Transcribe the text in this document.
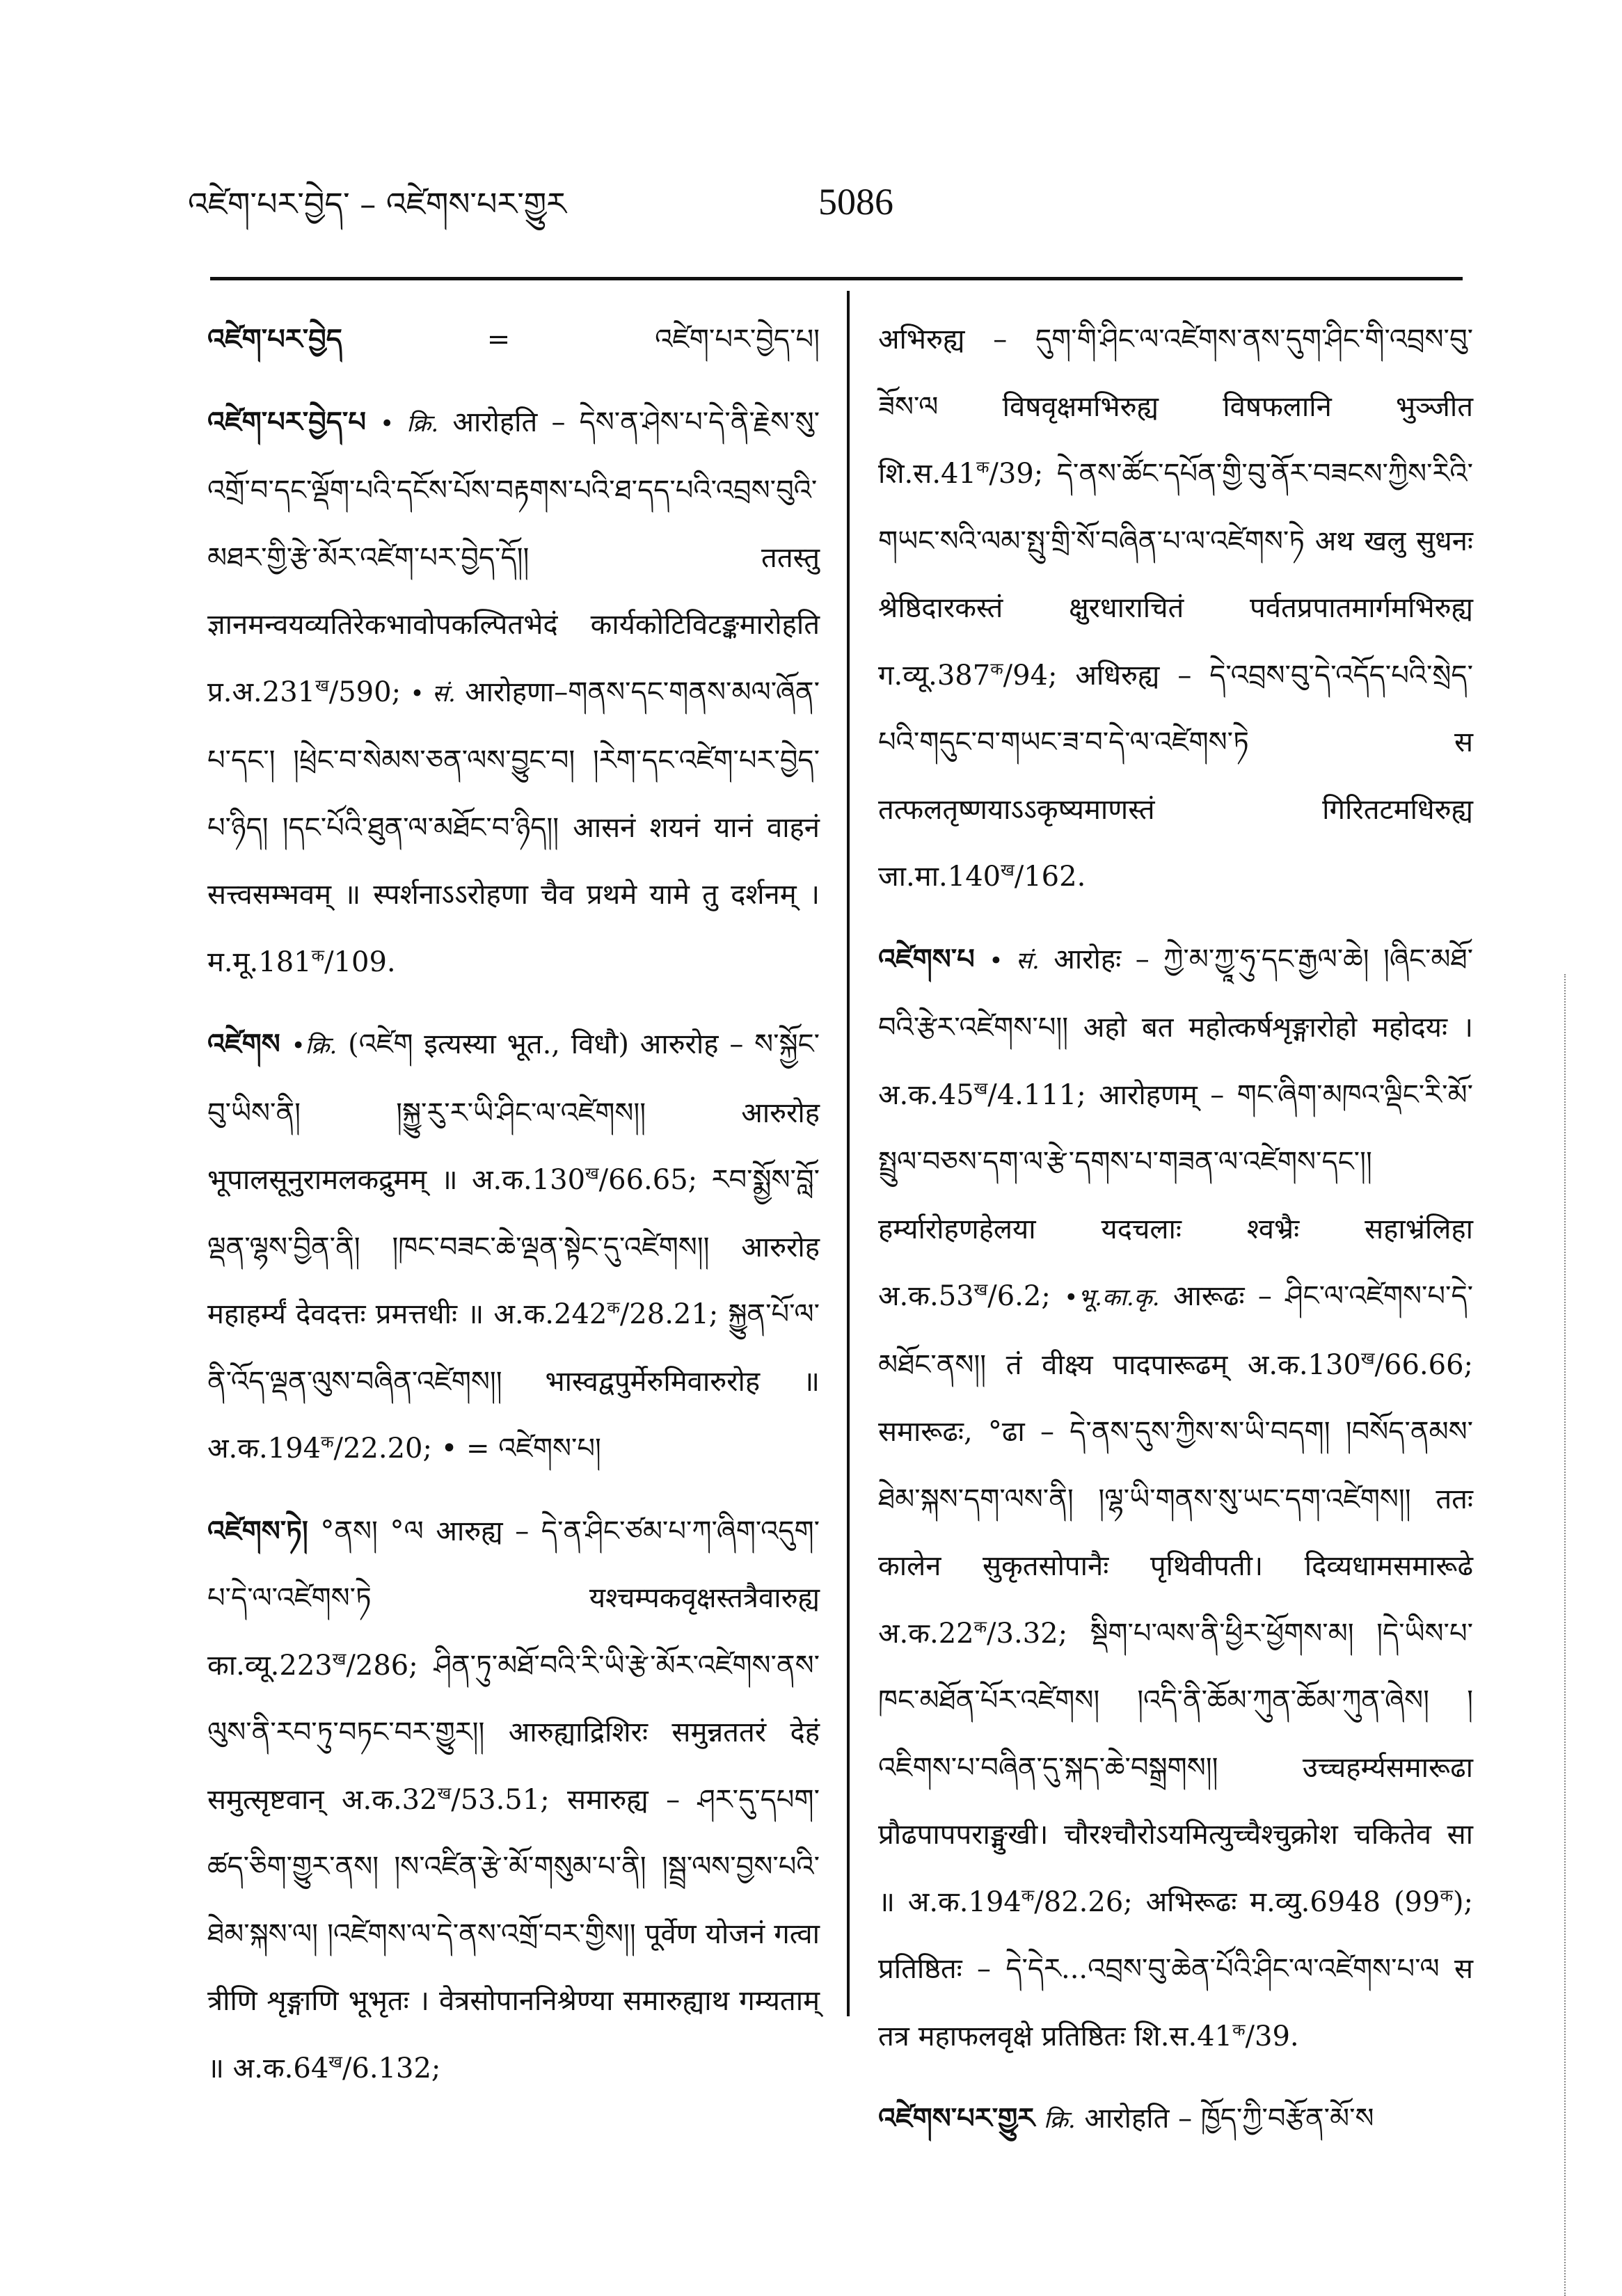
འཛེག་པར་བྱེད་ – འཛེགས་པར་གྱུར	5086

འཛེག་པར་བྱེད	=	འཛེག་པར་བྱེད་པ།

འཛེག་པར་བྱེད་པ • क्रि. आरोहति – དེས་ན་ཤེས་པ་དེ་ནི་རྗེས་སུ་འགྲོ་བ་དང་ལྡོག་པའི་དངོས་པོས་བརྟགས་པའི་ཐ་དད་པའི་འབྲས་བུའི་མཐར་གྱི་རྩེ་མོར་འཛེག་པར་བྱེད་དོ།། ततस्तु ज्ञानमन्वयव्यतिरेकभावोपकल्पितभेदं कार्यकोटिविटङ्कमारोहति $प्र.अ.231^ख/590$; • सं. आरोहणा–གནས་དང་གནས་མལ་ཞོན་པ་དང་། །ཕྲེང་བ་སེམས་ཅན་ལས་བྱུང་བ། །རེག་དང་འཛེག་པར་བྱེད་པ་ཉིད། །དང་པོའི་ཐུན་ལ་མཐོང་བ་ཉིད།། आसनं शयनं यानं वाहनं सत्त्वसम्भवम् ॥ स्पर्शनाऽऽरोहणा चैव प्रथमे यामे तु दर्शनम् । $म.मू.181^क/109$.

འཛེགས •क्रि. (འཛེག इत्यस्या भूत., विधौ) आरुरोह – ས་སྐྱོང་བུ་ཡིས་ནི། །སྐྱུ་རུ་ར་ཡི་ཤིང་ལ་འཛེགས།། आरुरोह भूपालसूनुरामलकद्रुमम् ॥ $अ.क.130^ख/66.65$; རབ་སྨྱོས་བློ་ལྡན་ལྷས་བྱིན་ནི། །ཁང་བཟང་ཆེ་ལྡན་སྟེང་དུ་འཛེགས།། आरुरोह महाहर्म्यं देवदत्तः प्रमत्तधीः ॥ $अ.क.242^क/28.21$; སྐྱུན་པོ་ལ་ནི་འོད་ལྡན་ལུས་བཞིན་འཛེགས།། भास्वद्वपुर्मेरुमिवारुरोह ॥ $अ.क.194^क/22.20$; • = འཛེགས་པ།

འཛེགས་ཏེ། °ནས། °ལ आरुह्य – དེ་ན་ཤིང་ཙམ་པ་ཀ་ཞིག་འདུག་པ་དེ་ལ་འཛེགས་ཏེ यश्चम्पकवृक्षस्तत्रैवारुह्य $का.व्यू.223^ख/286$; ཤིན་ཏུ་མཐོ་བའི་རི་ཡི་རྩེ་མོར་འཛེགས་ནས་ལུས་ནི་རབ་ཏུ་བཏང་བར་གྱུར།། आरुह्याद्रिशिरः समुन्नततरं देहं समुत्सृष्टवान् $अ.क.32^ख/53.51$; समारुह्य – ཤར་དུ་དཔག་ཚད་ཅིག་གྱུར་ནས། །ས་འཛིན་རྩེ་མོ་གསུམ་པ་ནི། །སྦྲ་ལས་བྱས་པའི་ཐེམ་སྐས་ལ། །འཛེགས་ལ་དེ་ནས་འགྲོ་བར་གྱིས།། पूर्वेण योजनं गत्वा त्रीणि शृङ्गाणि भूभृतः । वेत्रसोपाननिश्रेण्या समारुह्याथ गम्यताम् ॥ $अ.क.64^ख/6.132$;

अभिरुह्य – དུག་གི་ཤིང་ལ་འཛེགས་ནས་དུག་ཤིང་གི་འབྲས་བུ་ཟོས་ལ विषवृक्षमभिरुह्य विषफलानि भुञ्जीत $शि.स.41^क/39$; དེ་ནས་ཚོང་དཔོན་གྱི་བུ་ནོར་བཟངས་ཀྱིས་རིའི་གཡང་སའི་ལམ་སྤུ་གྲི་སོ་བཞིན་པ་ལ་འཛེགས་ཏེ अथ खलु सुधनः श्रेष्ठिदारकस्तं क्षुरधाराचितं पर्वतप्रपातमार्गमभिरुह्य $ग.व्यू.387^क/94$; अधिरुह्य – དེ་འབྲས་བུ་དེ་འདོད་པའི་སྲེད་པའི་གདུང་བ་གཡང་ཟ་བ་དེ་ལ་འཛེགས་ཏེ स तत्फलतृष्णयाऽऽकृष्यमाणस्तं गिरितटमधिरुह्य $जा.मा.140^ख/162$.

འཛེགས་པ • सं. आरोहः – ཀྱེ་མ་ཀྱཱ་ཧུ་དང་རྒྱལ་ཆེ། །ཞིང་མཐོ་བའི་རྩེར་འཛེགས་པ།། अहो बत महोत्कर्षशृङ्गारोहो महोदयः । $अ.क.45^ख/4.111$; आरोहणम् – གང་ཞིག་མཁའ་ལྡིང་རི་མོ་སྤྲུལ་བཅས་དག་ལ་རྩེ་དགས་པ་གཟན་ལ་འཛེགས་དང་།། हर्म्यारोहणहेलया यदचलाः श्वभ्रैः सहाभ्रंलिहा $अ.क.53^ख/6.2$; •भू.का.कृ. आरूढः – ཤིང་ལ་འཛེགས་པ་དེ་མཐོང་ནས།། तं वीक्ष्य पादपारूढम् $अ.क.130^ख/66.66$; समारूढः, °ढा – དེ་ནས་དུས་ཀྱིས་ས་ཡི་བདག། །བསོད་ནམས་ཐེམ་སྐས་དག་ལས་ནི། །ལྷ་ཡི་གནས་སུ་ཡང་དག་འཛེགས།། ततः कालेन सुकृतसोपानैः पृथिवीपती। दिव्यधामसमारूढे $अ.क.22^क/3.32$; སྡིག་པ་ལས་ནི་ཕྱིར་ཕྱོགས་མ། །དེ་ཡིས་པ་ཁང་མཐོན་པོར་འཛེགས། །འདི་ནི་ཆོམ་ཀུན་ཆོམ་ཀུན་ཞེས། །འཇིགས་པ་བཞིན་དུ་སྐད་ཆེ་བསྒྲགས།། उच्चहर्म्यसमारूढा प्रौढपापपराङ्मुखी। चौरश्चौरोऽयमित्युच्चैश्चुक्रोश चकितेव सा ॥ $अ.क.194^क/82.26$; अभिरूढः म.व्यु.6948 $(99^क)$; प्रतिष्ठितः – དེ་དེར...འབྲས་བུ་ཆེན་པོའི་ཤིང་ལ་འཛེགས་པ་ལ स तत्र महाफलवृक्षे प्रतिष्ठितः $शि.स.41^क/39$.

འཛེགས་པར་གྱུར क्रि. आरोहति – ཁྱོད་ཀྱི་བརྩོན་མོ་ས
